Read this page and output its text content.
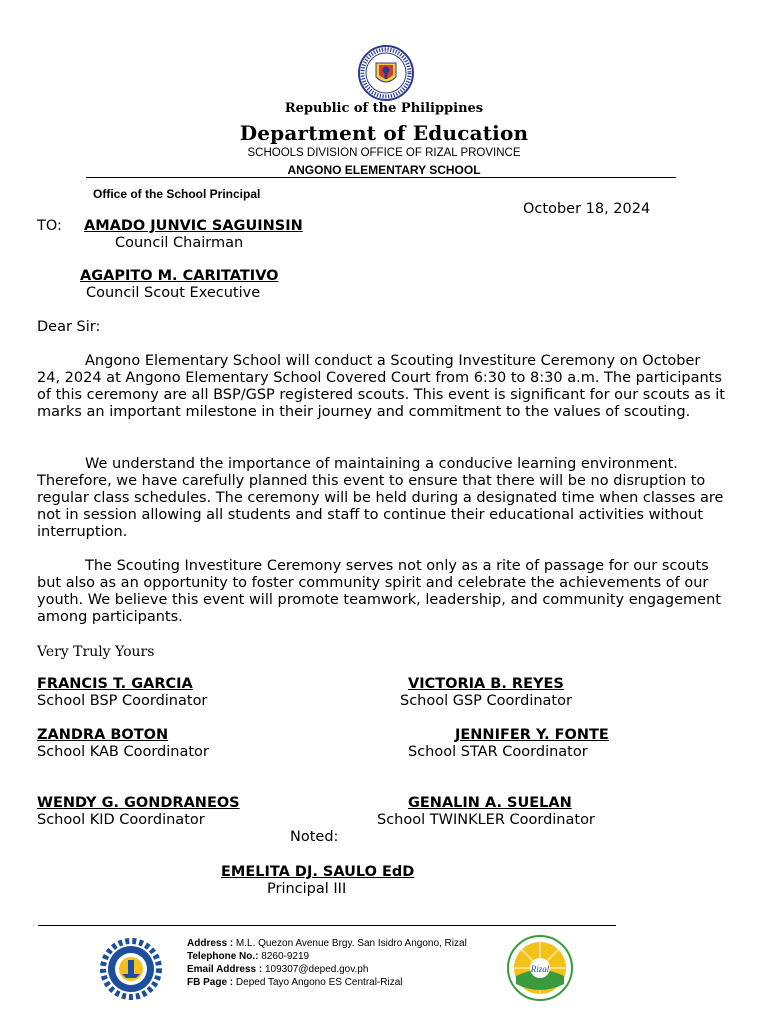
Republic of the Philippines
Department of Education
SCHOOLS DIVISION OFFICE OF RIZAL PROVINCE
ANGONO ELEMENTARY SCHOOL
Office of the School Principal
October 18, 2024
TO: AMADO JUNVIC SAGUINSIN
Council Chairman
AGAPITO M. CARITATIVO
Council Scout Executive
Dear Sir:
Angono Elementary School will conduct a Scouting Investiture Ceremony on October 24, 2024 at Angono Elementary School Covered Court from 6:30 to 8:30 a.m. The participants of this ceremony are all BSP/GSP registered scouts. This event is significant for our scouts as it marks an important milestone in their journey and commitment to the values of scouting.
We understand the importance of maintaining a conducive learning environment. Therefore, we have carefully planned this event to ensure that there will be no disruption to regular class schedules. The ceremony will be held during a designated time when classes are not in session allowing all students and staff to continue their educational activities without interruption.
The Scouting Investiture Ceremony serves not only as a rite of passage for our scouts but also as an opportunity to foster community spirit and celebrate the achievements of our youth. We believe this event will promote teamwork, leadership, and community engagement among participants.
Very Truly Yours
FRANCIS T. GARCIA
School BSP Coordinator
VICTORIA B. REYES
School GSP Coordinator
ZANDRA BOTON
School KAB Coordinator
JENNIFER Y. FONTE
School STAR Coordinator
WENDY G. GONDRANEOS
School KID Coordinator
GENALIN A. SUELAN
School TWINKLER Coordinator
Noted:
EMELITA DJ. SAULO EdD
Principal III
Address : M.L. Quezon Avenue Brgy. San Isidro Angono, Rizal
Telephone No.: 8260-9219
Email Address : 109307@deped.gov.ph
FB Page : Deped Tayo Angono ES Central-Rizal
Rizal
